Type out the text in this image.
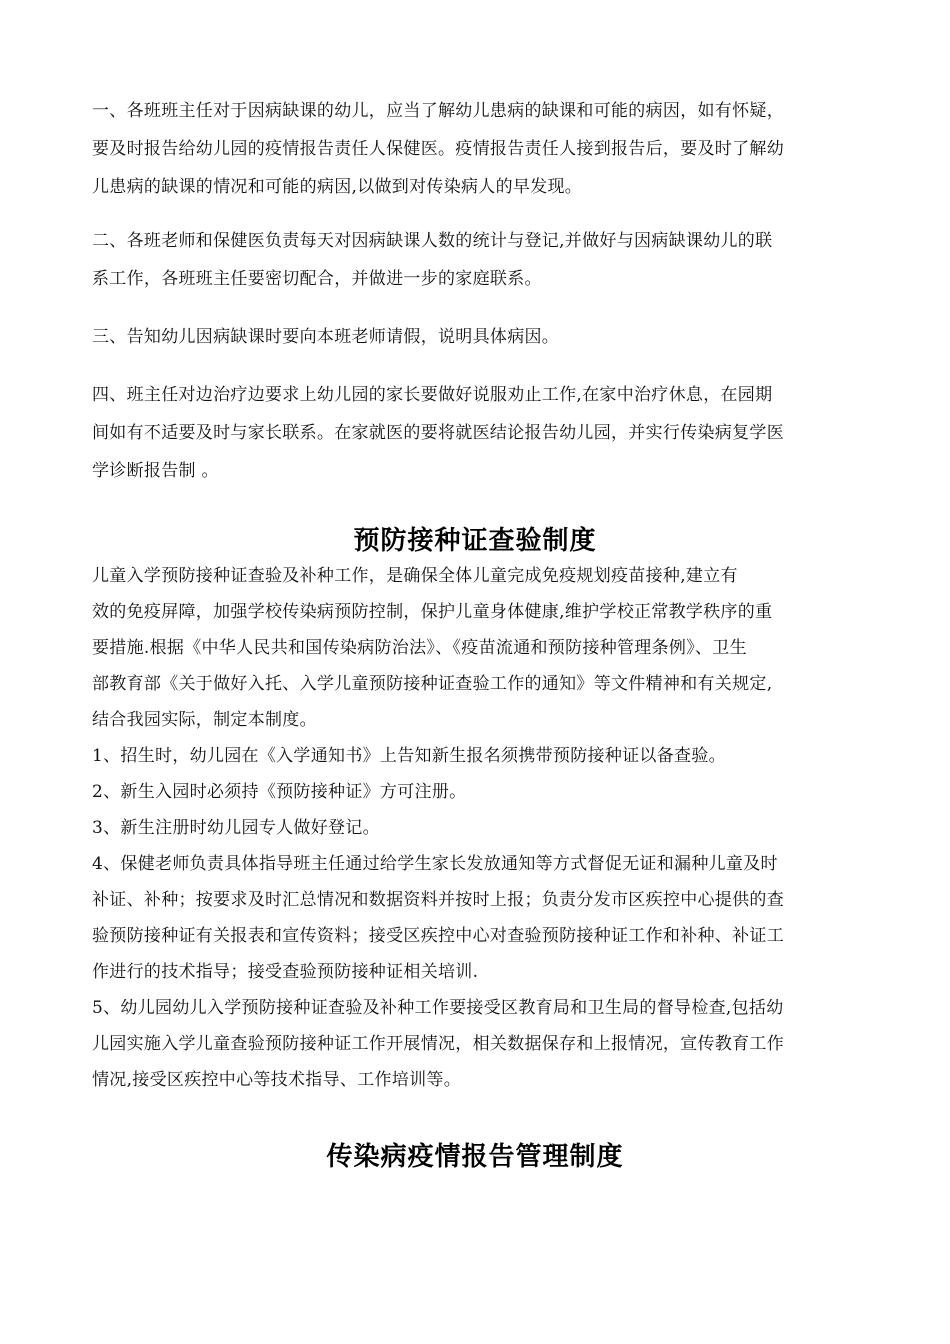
一、各班班主任对于因病缺课的幼儿，应当了解幼儿患病的缺课和可能的病因，如有怀疑，
要及时报告给幼儿园的疫情报告责任人保健医。疫情报告责任人接到报告后，要及时了解幼
儿患病的缺课的情况和可能的病因,以做到对传染病人的早发现。
二、各班老师和保健医负责每天对因病缺课人数的统计与登记,并做好与因病缺课幼儿的联
系工作，各班班主任要密切配合，并做进一步的家庭联系。
三、告知幼儿因病缺课时要向本班老师请假，说明具体病因。
四、班主任对边治疗边要求上幼儿园的家长要做好说服劝止工作,在家中治疗休息，在园期
间如有不适要及时与家长联系。在家就医的要将就医结论报告幼儿园，并实行传染病复学医
学诊断报告制 。
预防接种证查验制度
儿童入学预防接种证查验及补种工作，是确保全体儿童完成免疫规划疫苗接种,建立有
效的免疫屏障，加强学校传染病预防控制，保护儿童身体健康,维护学校正常教学秩序的重
要措施.根据《中华人民共和国传染病防治法》、《疫苗流通和预防接种管理条例》、卫生
部教育部《关于做好入托、入学儿童预防接种证查验工作的通知》等文件精神和有关规定,
结合我园实际，制定本制度。
1、招生时，幼儿园在《入学通知书》上告知新生报名须携带预防接种证以备查验。
2、新生入园时必须持《预防接种证》方可注册。
3、新生注册时幼儿园专人做好登记。
4、保健老师负责具体指导班主任通过给学生家长发放通知等方式督促无证和漏种儿童及时
补证、补种；按要求及时汇总情况和数据资料并按时上报；负责分发市区疾控中心提供的查
验预防接种证有关报表和宣传资料；接受区疾控中心对查验预防接种证工作和补种、补证工
作进行的技术指导；接受查验预防接种证相关培训.
5、幼儿园幼儿入学预防接种证查验及补种工作要接受区教育局和卫生局的督导检查,包括幼
儿园实施入学儿童查验预防接种证工作开展情况，相关数据保存和上报情况，宣传教育工作
情况,接受区疾控中心等技术指导、工作培训等。
传染病疫情报告管理制度
